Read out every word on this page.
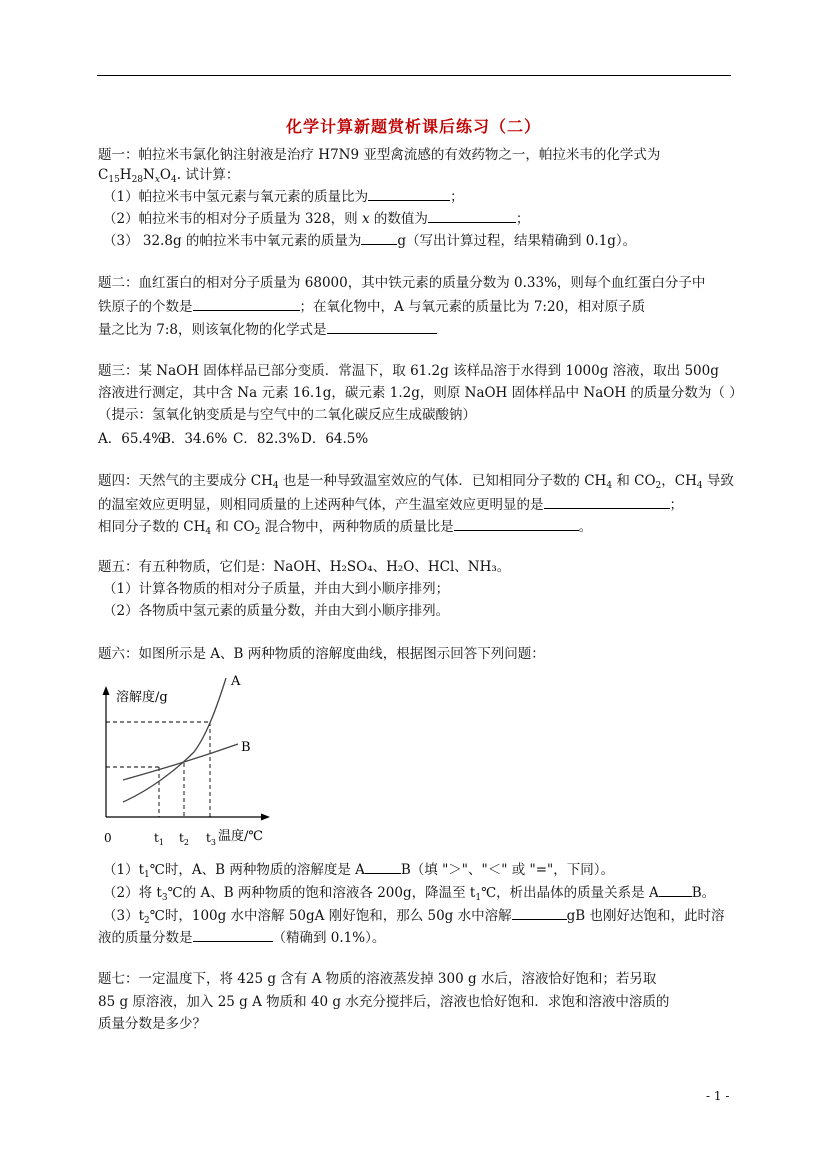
化学计算新题赏析课后练习（二）
题一：帕拉米韦氯化钠注射液是治疗 H7N9 亚型禽流感的有效药物之一，帕拉米韦的化学式为
$C_{15}H_{28}N_xO_4$. 试计算：
（1）帕拉米韦中氢元素与氧元素的质量比为	；
（2）帕拉米韦的相对分子质量为 328，则 x 的数值为	；
（3） 32.8g 的帕拉米韦中氧元素的质量为	g（写出计算过程，结果精确到 0.1g）。
题二：血红蛋白的相对分子质量为 68000，其中铁元素的质量分数为 0.33%，则每个血红蛋白分子中
铁原子的个数是	；在氧化物中，A 与氧元素的质量比为 7:20，相对原子质
量之比为 7:8，则该氧化物的化学式是
题三：某 NaOH 固体样品已部分变质．常温下，取 61.2g 该样品溶于水得到 1000g 溶液，取出 500g
溶液进行测定，其中含 Na 元素 16.1g，碳元素 1.2g，则原 NaOH 固体样品中 NaOH 的质量分数为（ ）
（提示：氢氧化钠变质是与空气中的二氧化碳反应生成碳酸钠）
A．65.4%B．34.6% C．82.3%D．64.5%
题四：天然气的主要成分 $CH_4$ 也是一种导致温室效应的气体．已知相同分子数的 $CH_4$ 和 $CO_2$，$CH_4$ 导致
的温室效应更明显，则相同质量的上述两种气体，产生温室效应更明显的是	；
相同分子数的 $CH_4$ 和 $CO_2$ 混合物中，两种物质的质量比是	。
题五：有五种物质，它们是：NaOH、H₂SO₄、H₂O、HCl、NH₃。
（1）计算各物质的相对分子质量，并由大到小顺序排列；
（2）各物质中氢元素的质量分数，并由大到小顺序排列。
题六：如图所示是 A、B 两种物质的溶解度曲线，根据图示回答下列问题：
溶解度/g
A
B
0	$t_1$ $t_2$ $t_3$ 温度/℃
$(1)t_1℃$时，A、B 两种物质的溶解度是 A	B（填 "＞"、"＜" 或 "="，下同）。
（2）将 $t_3℃$的 A、B 两种物质的饱和溶液各 200g，降温至 $t_1℃$，析出晶体的质量关系是 A B。
$(3)t_2℃$时，100g 水中溶解 50gA 刚好饱和，那么 50g 水中溶解	gB 也刚好达饱和，此时溶
液的质量分数是	（精确到 0.1%）。
题七：一定温度下，将 425 g 含有 A 物质的溶液蒸发掉 300 g 水后，溶液恰好饱和；若另取
85 g 原溶液，加入 25 g A 物质和 40 g 水充分搅拌后，溶液也恰好饱和．求饱和溶液中溶质的
质量分数是多少？
- 1 -
